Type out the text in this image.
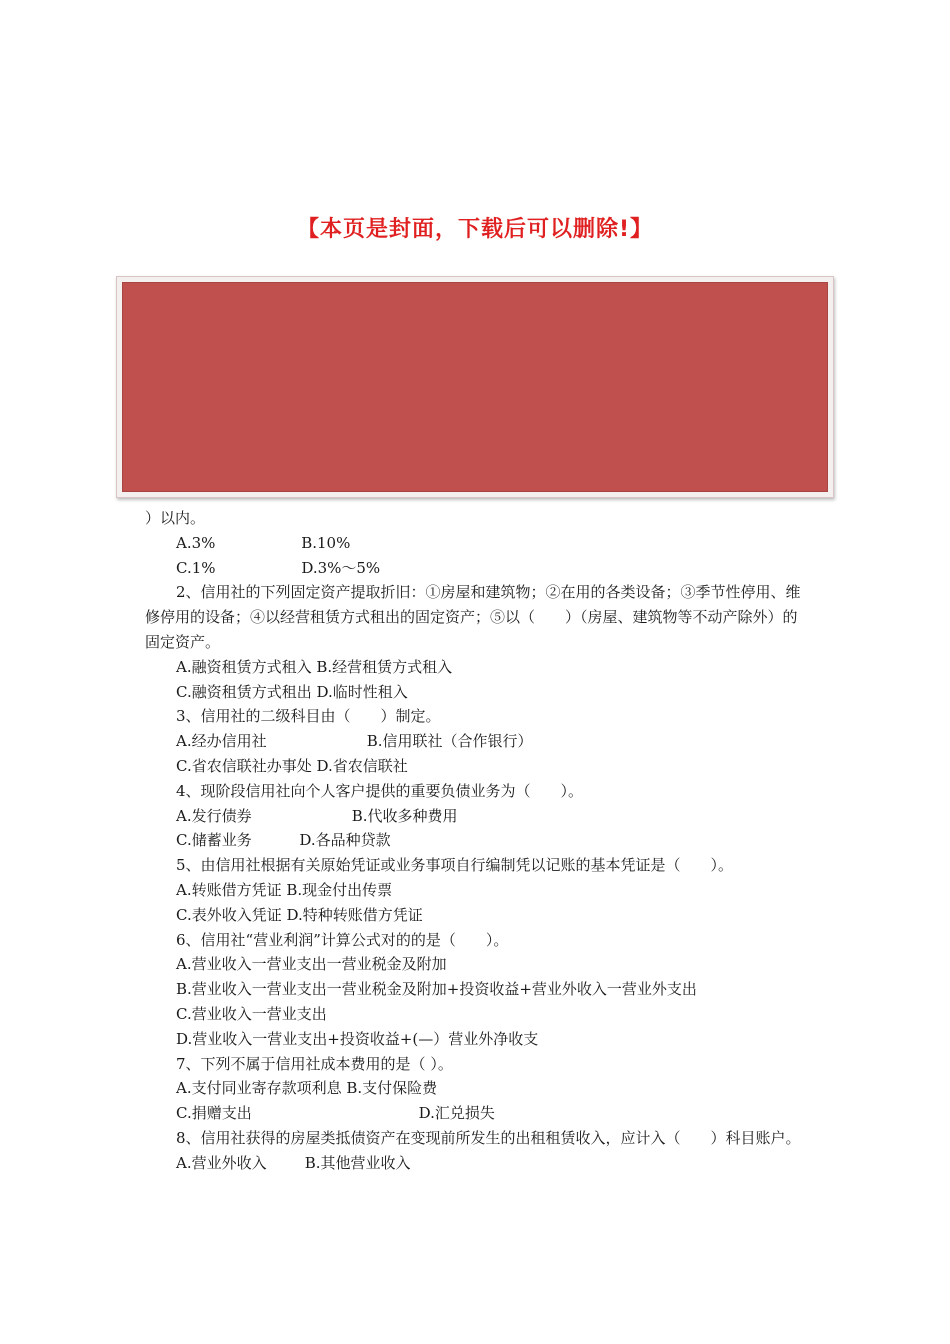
【本页是封面，下载后可以删除!】

）以内。

A.3%                  B.10%

C.1%                  D.3%～5%

2、信用社的下列固定资产提取折旧：①房屋和建筑物；②在用的各类设备；③季节性停用、维修停用的设备；④以经营租赁方式租出的固定资产；⑤以（　　）（房屋、建筑物等不动产除外）的固定资产。

A.融资租赁方式租入 B.经营租赁方式租入

C.融资租赁方式租出 D.临时性租入

3、信用社的二级科目由（　　）制定。

A.经办信用社                     B.信用联社（合作银行）

C.省农信联社办事处 D.省农信联社

4、现阶段信用社向个人客户提供的重要负债业务为（　　）。

A.发行债券                     B.代收多种费用

C.储蓄业务          D.各品种贷款

5、由信用社根据有关原始凭证或业务事项自行编制凭以记账的基本凭证是（　　）。

A.转账借方凭证 B.现金付出传票

C.表外收入凭证 D.特种转账借方凭证

6、信用社“营业利润”计算公式对的的是（　　）。

A.营业收入一营业支出一营业税金及附加

B.营业收入一营业支出一营业税金及附加+投资收益+营业外收入一营业外支出

C.营业收入一营业支出

D.营业收入一营业支出+投资收益+(—）营业外净收支

7、下列不属于信用社成本费用的是（ ）。

A.支付同业寄存款项利息 B.支付保险费

C.捐赠支出                                   D.汇兑损失

8、信用社获得的房屋类抵债资产在变现前所发生的出租租赁收入，应计入（　　）科目账户。

A.营业外收入        B.其他营业收入
